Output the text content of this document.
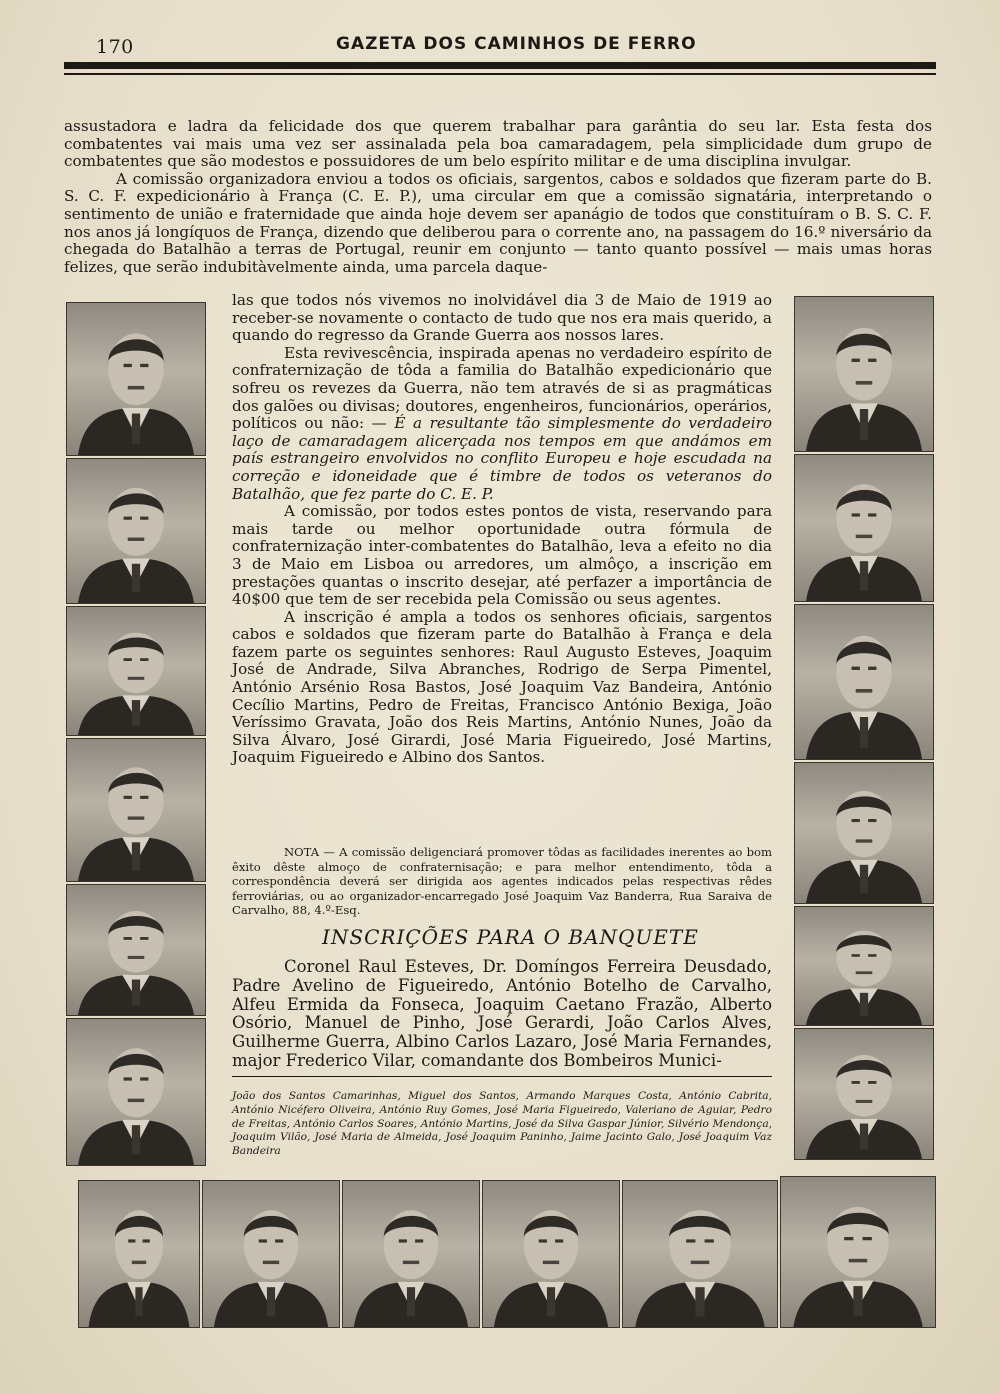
170	GAZETA DOS CAMINHOS DE FERRO

assustadora e ladra da felicidade dos que querem trabalhar para garântia do seu lar. Esta festa dos combatentes vai mais uma vez ser assinalada pela boa camaradagem, pela simplicidade dum grupo de combatentes que são modestos e possuidores de um belo espírito militar e de uma disciplina invulgar.

A comissão organizadora enviou a todos os oficiais, sargentos, cabos e soldados que fizeram parte do B. S. C. F. expedicionário à França (C. E. P.), uma circular em que a comissão signatária, interpretando o sentimento de união e fraternidade que ainda hoje devem ser apanágio de todos que constituíram o B. S. C. F. nos anos já longíquos de França, dizendo que deliberou para o corrente ano, na passagem do 16.º niversário da chegada do Batalhão a terras de Portugal, reunir em conjunto — tanto quanto possível — mais umas horas felizes, que serão indubitàvelmente ainda, uma parcela daque-

las que todos nós vivemos no inolvidável dia 3 de Maio de 1919 ao receber-se novamente o contacto de tudo que nos era mais querido, a quando do regresso da Grande Guerra aos nossos lares.

Esta revivescência, inspirada apenas no verdadeiro espírito de confraternização de tôda a familia do Batalhão expedicionário que sofreu os revezes da Guerra, não tem através de si as pragmáticas dos galões ou divisas; doutores, engenheiros, funcionários, operários, políticos ou não: — É a resultante tão simplesmente do verdadeiro laço de camaradagem alicerçada nos tempos em que andámos em país estrangeiro envolvidos no conflito Europeu e hoje escudada na correção e idoneidade que é timbre de todos os veteranos do Batalhão, que fez parte do C. E. P.

A comissão, por todos estes pontos de vista, reservando para mais tarde ou melhor oportunidade outra fórmula de confraternização inter-combatentes do Batalhão, leva a efeito no dia 3 de Maio em Lisboa ou arredores, um almôço, a inscrição em prestações quantas o inscrito desejar, até perfazer a importância de 40$00 que tem de ser recebida pela Comissão ou seus agentes.

A inscrição é ampla a todos os senhores oficiais, sargentos cabos e soldados que fizeram parte do Batalhão à França e dela fazem parte os seguintes senhores: Raul Augusto Esteves, Joaquim José de Andrade, Silva Abranches, Rodrigo de Serpa Pimentel, António Arsénio Rosa Bastos, José Joaquim Vaz Bandeira, António Cecílio Martins, Pedro de Freitas, Francisco António Bexiga, João Veríssimo Gravata, João dos Reis Martins, António Nunes, João da Silva Álvaro, José Girardi, José Maria Figueiredo, José Martins, Joaquim Figueiredo e Albino dos Santos.

NOTA — A comissão deligenciará promover tôdas as facilidades inerentes ao bom êxito dêste almoço de confraternisação; e para melhor entendimento, tôda a correspondência deverá ser dirigida aos agentes indicados pelas respectivas rêdes ferroviárias, ou ao organizador-encarregado José Joaquim Vaz Banderra, Rua Saraiva de Carvalho, 88, 4.º-Esq.

INSCRIÇÕES PARA O BANQUETE

Coronel Raul Esteves, Dr. Domíngos Ferreira Deusdado, Padre Avelino de Figueiredo, António Botelho de Carvalho, Alfeu Ermida da Fonseca, Joaquim Caetano Frazão, Alberto Osório, Manuel de Pinho, José Gerardi, João Carlos Alves, Guilherme Guerra, Albino Carlos Lazaro, José Maria Fernandes, major Frederico Vilar, comandante dos Bombeiros Munici-

João dos Santos Camarinhas, Miguel dos Santos, Armando Marques Costa, António Cabrita, António Nicéfero Oliveira, António Ruy Gomes, José Maria Figueiredo, Valeriano de Aguiar, Pedro de Freitas, António Carlos Soares, António Martins, José da Silva Gaspar Júnior, Silvério Mendonça, Joaquim Vilão, José Maria de Almeida, José Joaquim Paninho, Jaime Jacinto Galo, José Joaquim Vaz Bandeira
